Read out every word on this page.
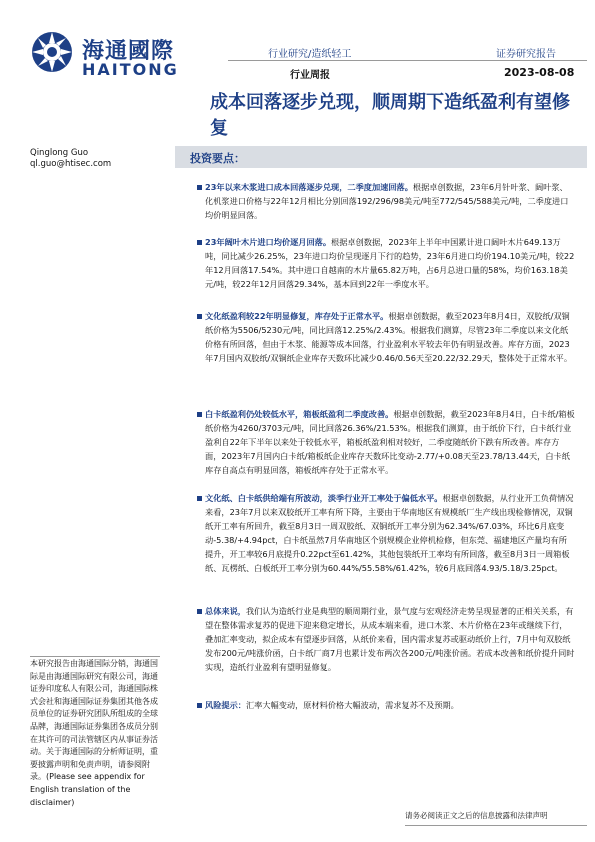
海通國際
HAITONG
行业研究/造纸轻工	证券研究报告
行业周报	2023-08-08
成本回落逐步兑现，顺周期下造纸盈利有望修复
Qinglong Guo
ql.guo@htisec.com	投资要点：
23年以来木浆进口成本回落逐步兑现，二季度加速回落。根据卓创数据，23年6月针叶浆、阔叶浆、化机浆进口价格与22年12月相比分别回落192/296/98美元/吨至772/545/588美元/吨，二季度进口均价明显回落。
23年阔叶木片进口均价逐月回落。根据卓创数据，2023年上半年中国累计进口阔叶木片649.13万吨，同比减少26.25%，23年进口均价呈现逐月下行的趋势，23年6月进口均价194.10美元/吨，较22年12月回落17.54%。其中进口自越南的木片量65.82万吨，占6月总进口量的58%，均价163.18美元/吨，较22年12月回落29.34%，基本回到22年一季度水平。
文化纸盈利较22年明显修复，库存处于正常水平。根据卓创数据，截至2023年8月4日，双胶纸/双铜纸价格为5506/5230元/吨，同比回落12.25%/2.43%。根据我们测算，尽管23年二季度以来文化纸价格有所回落，但由于木浆、能源等成本回落，行业盈利水平较去年仍有明显改善。库存方面，2023年7月国内双胶纸/双铜纸企业库存天数环比减少0.46/0.56天至20.22/32.29天，整体处于正常水平。
白卡纸盈利仍处较低水平，箱板纸盈利二季度改善。根据卓创数据，截至2023年8月4日，白卡纸/箱板纸价格为4260/3703元/吨，同比回落26.36%/21.53%。根据我们测算，由于纸价下行，白卡纸行业盈利自22年下半年以来处于较低水平，箱板纸盈利相对较好，二季度随纸价下跌有所改善。库存方面，2023年7月国内白卡纸/箱板纸企业库存天数环比变动-2.77/+0.08天至23.78/13.44天，白卡纸库存自高点有明显回落，箱板纸库存处于正常水平。
文化纸、白卡纸供给端有所波动，淡季行业开工率处于偏低水平。根据卓创数据，从行业开工负荷情况来看，23年7月以来双胶纸开工率有所下降，主要由于华南地区有规模纸厂生产线出现检修情况，双铜纸开工率有所回升，截至8月3日一周双胶纸、双铜纸开工率分别为62.34%/67.03%，环比6月底变动-5.38/+4.94pct，白卡纸虽然7月华南地区个别规模企业停机检修，但东莞、福建地区产量均有所提升，开工率较6月底提升0.22pct至61.42%，其他包装纸开工率均有所回落，截至8月3日一周箱板纸、瓦楞纸、白板纸开工率分别为60.44%/55.58%/61.42%，较6月底回落4.93/5.18/3.25pct。
总体来说，我们认为造纸行业是典型的顺周期行业，景气度与宏观经济走势呈现显著的正相关关系，有望在整体需求复苏的促进下迎来稳定增长，从成本端来看，进口木浆、木片价格在23年或继续下行，叠加汇率变动，拟企成本有望逐步回落，从纸价来看，国内需求复苏或驱动纸价上行，7月中旬双胶纸发布200元/吨涨价函，白卡纸厂商7月也累计发布两次各200元/吨涨价函。若成本改善和纸价提升同时实现，造纸行业盈利有望明显修复。
风险提示：汇率大幅变动，原材料价格大幅波动，需求复苏不及预期。
本研究报告由海通国际分销，海通国际是由海通国际研究有限公司，海通证券印度私人有限公司，海通国际株式会社和海通国际证券集团其他各成员单位的证券研究团队所组成的全球品牌，海通国际证券集团各成员分别在其许可的司法管辖区内从事证券活动。关于海通国际的分析师证明，重要披露声明和免责声明，请参阅附录。(Please see appendix for English translation of the disclaimer)
请务必阅读正文之后的信息披露和法律声明
